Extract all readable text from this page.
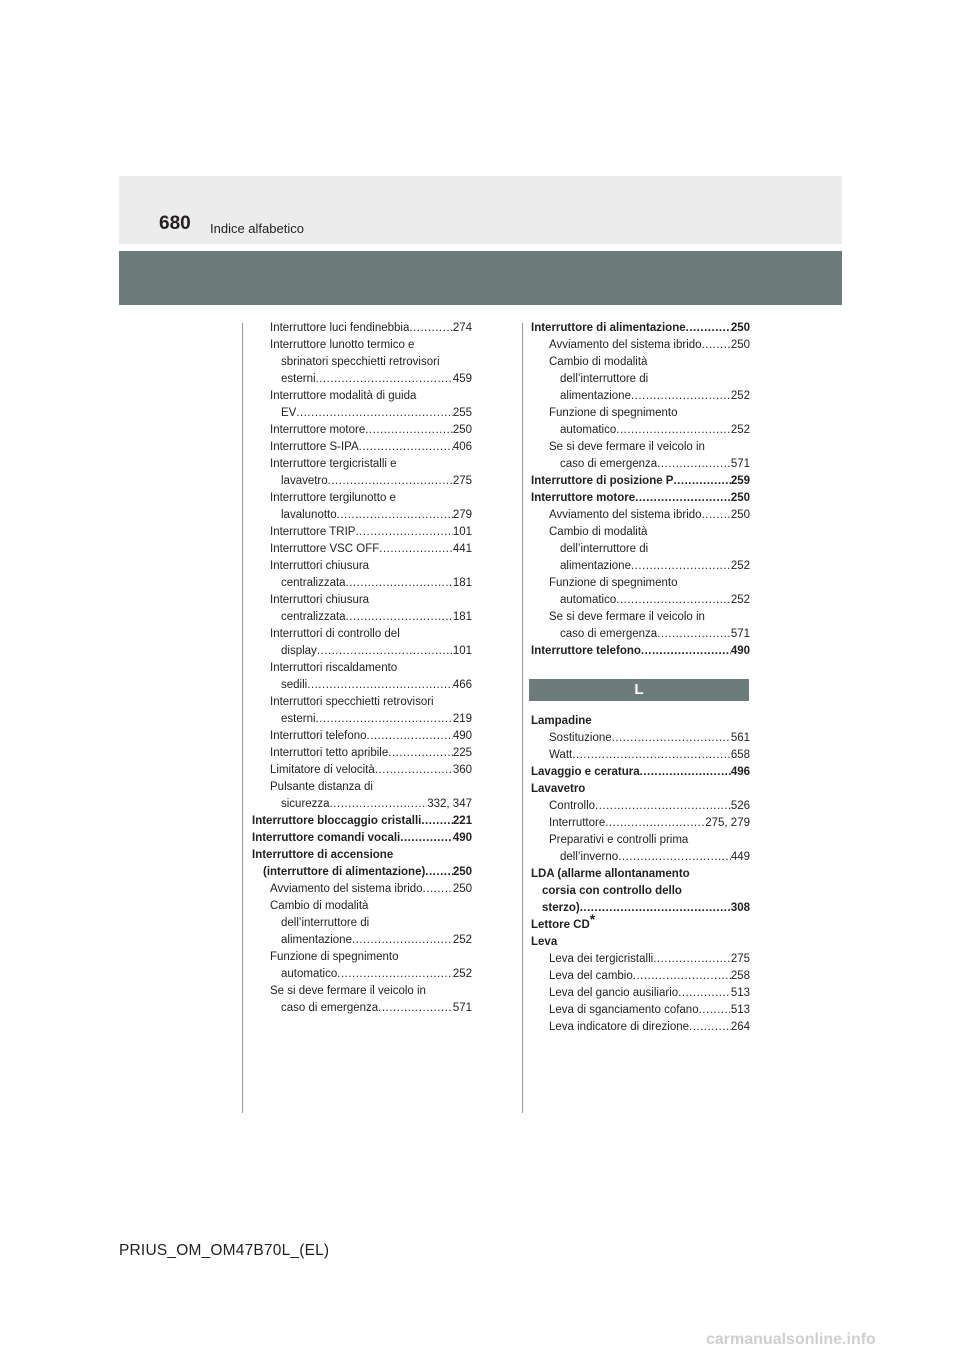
680 Indice alfabetico
Interruttore luci fendinebbia .....	274
Interruttore lunotto termico e
sbrinatori specchietti retrovisori
esterni .....	459
Interruttore modalità di guida
EV .....	255
Interruttore motore .....	250
Interruttore S-IPA .....	406
Interruttore tergicristalli e
lavavetro .....	275
Interruttore tergilunotto e
lavalunotto .....	279
Interruttore TRIP .....	101
Interruttore VSC OFF .....	441
Interruttori chiusura
centralizzata .....	181
Interruttori chiusura
centralizzata .....	181
Interruttori di controllo del
display .....	101
Interruttori riscaldamento
sedili .....	466
Interruttori specchietti retrovisori
esterni .....	219
Interruttori telefono .....	490
Interruttori tetto apribile .....	225
Limitatore di velocità .....	360
Pulsante distanza di
sicurezza .....	332, 347
Interruttore bloccaggio cristalli .....	221
Interruttore comandi vocali .....	490
Interruttore di accensione
(interruttore di alimentazione) ..... 250
Avviamento del sistema ibrido .....	250
Cambio di modalità
dell’interruttore di
alimentazione .....	252
Funzione di spegnimento
automatico .....	252
Se si deve fermare il veicolo in
caso di emergenza .....	571
Interruttore di alimentazione .....	250
Avviamento del sistema ibrido .....	250
Cambio di modalità
dell’interruttore di
alimentazione .....	252
Funzione di spegnimento
automatico .....	252
Se si deve fermare il veicolo in
caso di emergenza .....	571
Interruttore di posizione P .....	259
Interruttore motore .....	250
Avviamento del sistema ibrido .....	250
Cambio di modalità
dell’interruttore di
alimentazione .....	252
Funzione di spegnimento
automatico .....	252
Se si deve fermare il veicolo in
caso di emergenza .....	571
Interruttore telefono .....	490
L
Lampadine
Sostituzione .....	561
Watt .....	658
Lavaggio e ceratura .....	496
Lavavetro
Controllo .....	526
Interruttore .....	275, 279
Preparativi e controlli prima
dell’inverno .....	449
LDA (allarme allontanamento
corsia con controllo dello
sterzo) .....	308
Lettore CD*
Leva
Leva dei tergicristalli .....	275
Leva del cambio .....	258
Leva del gancio ausiliario .....	513
Leva di sganciamento cofano .....	513
Leva indicatore di direzione .....	264
PRIUS_OM_OM47B70L_(EL)
carmanualsonline.info
